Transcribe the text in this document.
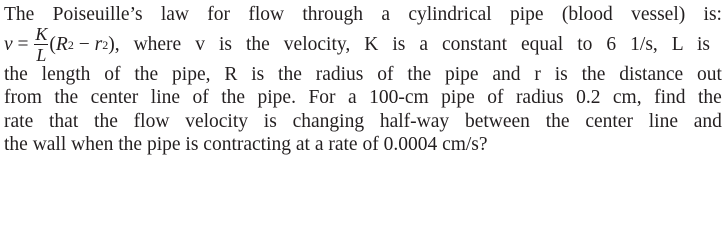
The Poiseuille’s law for flow through a cylindrical pipe (blood vessel) is:
$v = \frac{K}{L}$ ( R 2 − r 2 ) , where v is the velocity, K is a constant equal to 6 1/s, L is
the length of the pipe, R is the radius of the pipe and r is the distance out
from the center line of the pipe. For a 100-cm pipe of radius 0.2 cm, find the
rate that the flow velocity is changing half-way between the center line and
the wall when the pipe is contracting at a rate of 0.0004 cm/s?
